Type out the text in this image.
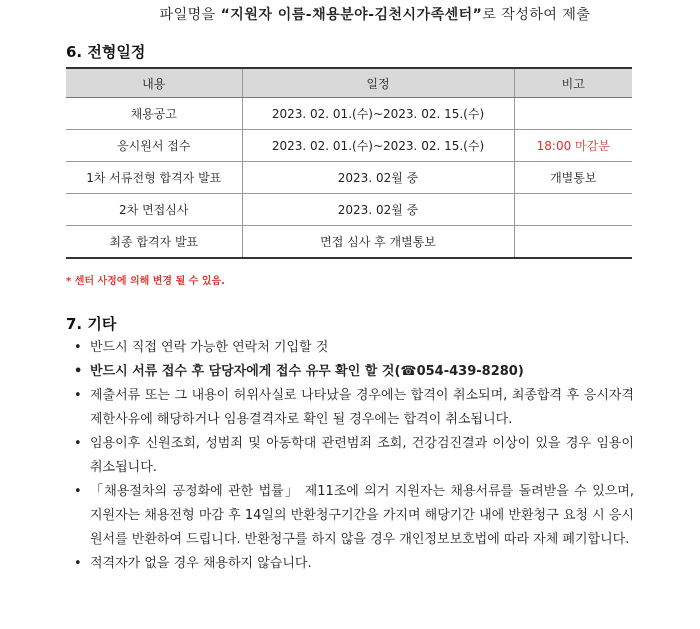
파일명을 “지원자 이름-채용분야-김천시가족센터”로 작성하여 제출
6. 전형일정
내용	일정	비고
채용공고	2023. 02. 01.(수)~2023. 02. 15.(수)	
응시원서 접수	2023. 02. 01.(수)~2023. 02. 15.(수)	18:00 마감분
1차 서류전형 합격자 발표	2023. 02월 중	개별통보
2차 면접심사	2023. 02월 중	
최종 합격자 발표	면접 심사 후 개별통보	
* 센터 사정에 의해 변경 될 수 있음.
7. 기타
• 반드시 직접 연락 가능한 연락처 기입할 것
• 반드시 서류 접수 후 담당자에게 접수 유무 확인 할 것(☎054-439-8280)
• 제출서류 또는 그 내용이 허위사실로 나타났을 경우에는 합격이 취소되며, 최종합격 후 응시자격 제한사유에 해당하거나 임용결격자로 확인 될 경우에는 합격이 취소됩니다.
• 임용이후 신원조회, 성범죄 및 아동학대 관련범죄 조회, 건강검진결과 이상이 있을 경우 임용이 취소됩니다.
• 「채용절차의 공정화에 관한 법률」 제11조에 의거 지원자는 채용서류를 돌려받을 수 있으며, 지원자는 채용전형 마감 후 14일의 반환청구기간을 가지며 해당기간 내에 반환청구 요청 시 응시원서를 반환하여 드립니다. 반환청구를 하지 않을 경우 개인정보보호법에 따라 자체 폐기합니다.
• 적격자가 없을 경우 채용하지 않습니다.
